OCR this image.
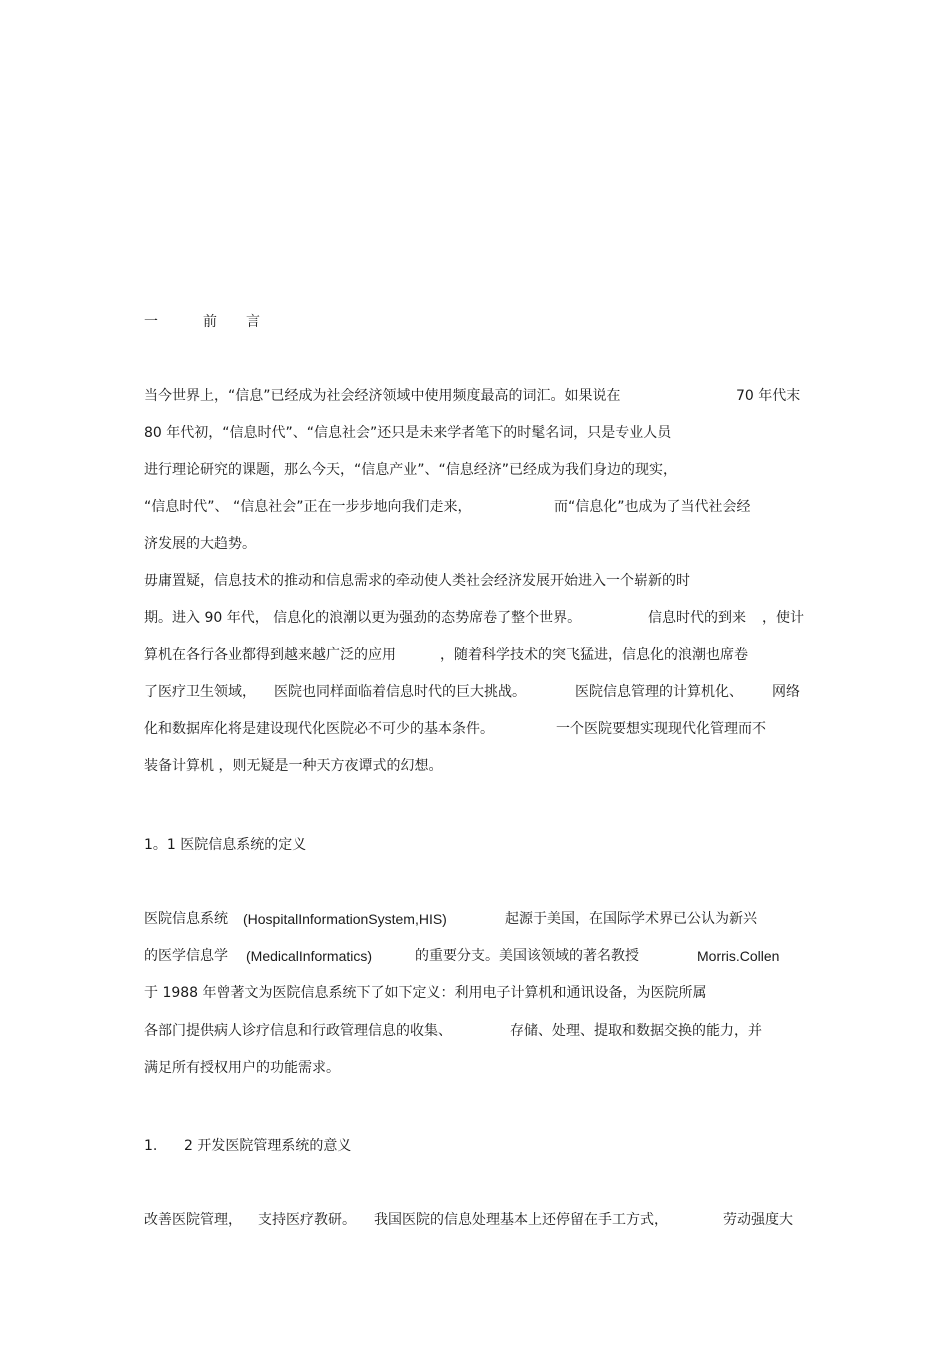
一	前 言
当今世界上，“信息”已经成为社会经济领域中使用频度最高的词汇。如果说在	70 年代末
80 年代初，“信息时代”、“信息社会”还只是未来学者笔下的时髦名词，只是专业人员
进行理论研究的课题，那么今天，“信息产业”、“信息经济”已经成为我们身边的现实，
“信息时代”、 “信息社会”正在一步步地向我们走来，	而“信息化”也成为了当代社会经
济发展的大趋势。
毋庸置疑，信息技术的推动和信息需求的牵动使人类社会经济发展开始进入一个崭新的时
期。进入 90 年代， 信息化的浪潮以更为强劲的态势席卷了整个世界。	信息时代的到来 ，使计
算机在各行各业都得到越来越广泛的应用	，随着科学技术的突飞猛进，信息化的浪潮也席卷
了医疗卫生领域， 医院也同样面临着信息时代的巨大挑战。	医院信息管理的计算机化、 网络
化和数据库化将是建设现代化医院必不可少的基本条件。	一个医院要想实现现代化管理而不
装备计算机 ，则无疑是一种天方夜谭式的幻想。
1。1 医院信息系统的定义
医院信息系统 (HospitalInformationSystem,HIS)	起源于美国，在国际学术界已公认为新兴
的医学信息学 (MedicalInformatics)	的重要分支。美国该领域的著名教授	Morris.Collen
于 1988 年曾著文为医院信息系统下了如下定义：利用电子计算机和通讯设备，为医院所属
各部门提供病人诊疗信息和行政管理信息的收集、	存储、处理、提取和数据交换的能力，并
满足所有授权用户的功能需求。
1. 2 开发医院管理系统的意义
改善医院管理， 支持医疗教研。 我国医院的信息处理基本上还停留在手工方式，	劳动强度大
